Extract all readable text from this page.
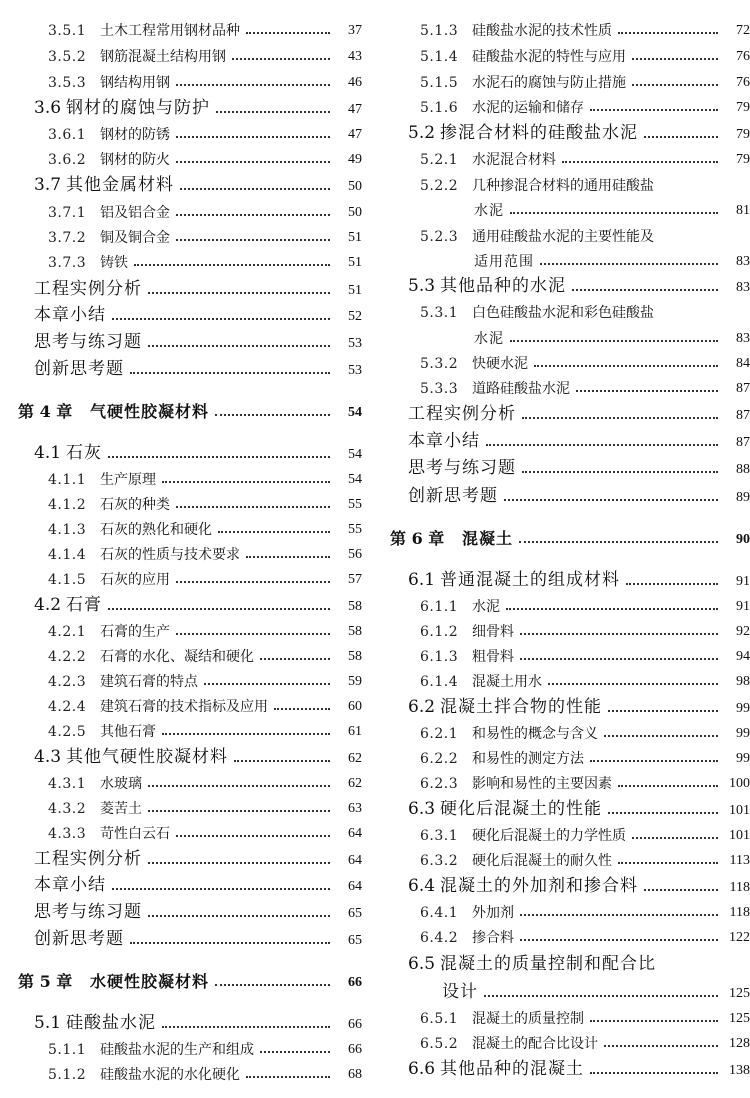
3.5.1 土木工程常用钢材品种	37
3.5.2 钢筋混凝土结构用钢	43
3.5.3 钢结构用钢	46
3.6 钢材的腐蚀与防护	47
3.6.1 钢材的防锈	47
3.6.2 钢材的防火	49
3.7 其他金属材料	50
3.7.1 铝及铝合金	50
3.7.2 铜及铜合金	51
3.7.3 铸铁	51
工程实例分析	51
本章小结	52
思考与练习题	53
创新思考题	53
第 4 章	气硬性胶凝材料	54
4.1 石灰	54
4.1.1 生产原理	54
4.1.2 石灰的种类	55
4.1.3 石灰的熟化和硬化	55
4.1.4 石灰的性质与技术要求	56
4.1.5 石灰的应用	57
4.2 石膏	58
4.2.1 石膏的生产	58
4.2.2 石膏的水化、凝结和硬化	58
4.2.3 建筑石膏的特点	59
4.2.4 建筑石膏的技术指标及应用	60
4.2.5 其他石膏	61
4.3 其他气硬性胶凝材料	62
4.3.1 水玻璃	62
4.3.2 菱苦土	63
4.3.3 苛性白云石	64
工程实例分析	64
本章小结	64
思考与练习题	65
创新思考题	65
第 5 章	水硬性胶凝材料	66
5.1 硅酸盐水泥	66
5.1.1 硅酸盐水泥的生产和组成	66
5.1.2 硅酸盐水泥的水化硬化	68
5.1.3 硅酸盐水泥的技术性质	72
5.1.4 硅酸盐水泥的特性与应用	76
5.1.5 水泥石的腐蚀与防止措施	76
5.1.6 水泥的运输和储存	79
5.2 掺混合材料的硅酸盐水泥	79
5.2.1 水泥混合材料	79
5.2.2 几种掺混合材料的通用硅酸盐
水泥	81
5.2.3 通用硅酸盐水泥的主要性能及
适用范围	83
5.3 其他品种的水泥	83
5.3.1 白色硅酸盐水泥和彩色硅酸盐
水泥	83
5.3.2 快硬水泥	84
5.3.3 道路硅酸盐水泥	87
工程实例分析	87
本章小结	87
思考与练习题	88
创新思考题	89
第 6 章	混凝土	90
6.1 普通混凝土的组成材料	91
6.1.1 水泥	91
6.1.2 细骨料	92
6.1.3 粗骨料	94
6.1.4 混凝土用水	98
6.2 混凝土拌合物的性能	99
6.2.1 和易性的概念与含义	99
6.2.2 和易性的测定方法	99
6.2.3 影响和易性的主要因素	100
6.3 硬化后混凝土的性能	101
6.3.1 硬化后混凝土的力学性质	101
6.3.2 硬化后混凝土的耐久性	113
6.4 混凝土的外加剂和掺合料	118
6.4.1 外加剂	118
6.4.2 掺合料	122
6.5 混凝土的质量控制和配合比
设计	125
6.5.1 混凝土的质量控制	125
6.5.2 混凝土的配合比设计	128
6.6 其他品种的混凝土	138
